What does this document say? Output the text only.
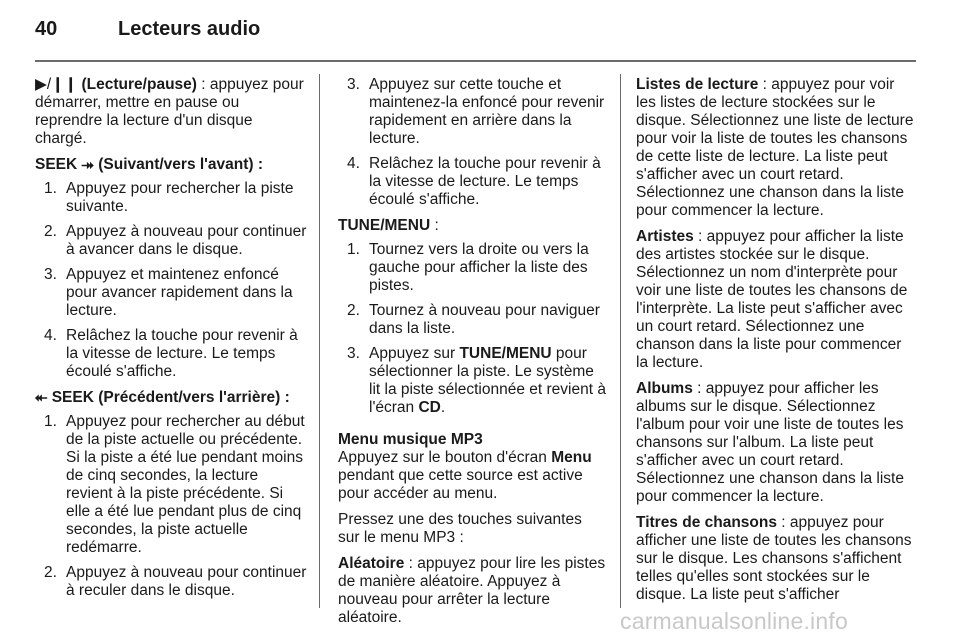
40	Lecteurs audio

▶/❙❙ (Lecture/pause) : appuyez pour démarrer, mettre en pause ou reprendre la lecture d'un disque chargé.

SEEK ⯮ (Suivant/vers l'avant) :

1. Appuyez pour rechercher la piste suivante.
2. Appuyez à nouveau pour continuer à avancer dans le disque.
3. Appuyez et maintenez enfoncé pour avancer rapidement dans la lecture.
4. Relâchez la touche pour revenir à la vitesse de lecture. Le temps écoulé s'affiche.

⯬ SEEK (Précédent/vers l'arrière) :

1. Appuyez pour rechercher au début de la piste actuelle ou précédente. Si la piste a été lue pendant moins de cinq secondes, la lecture revient à la piste précédente. Si elle a été lue pendant plus de cinq secondes, la piste actuelle redémarre.
2. Appuyez à nouveau pour continuer à reculer dans le disque.
3. Appuyez sur cette touche et maintenez-la enfoncé pour revenir rapidement en arrière dans la lecture.
4. Relâchez la touche pour revenir à la vitesse de lecture. Le temps écoulé s'affiche.

TUNE/MENU :

1. Tournez vers la droite ou vers la gauche pour afficher la liste des pistes.
2. Tournez à nouveau pour naviguer dans la liste.
3. Appuyez sur TUNE/MENU pour sélectionner la piste. Le système lit la piste sélectionnée et revient à l'écran CD.

Menu musique MP3

Appuyez sur le bouton d'écran Menu pendant que cette source est active pour accéder au menu.

Pressez une des touches suivantes sur le menu MP3 :

Aléatoire : appuyez pour lire les pistes de manière aléatoire. Appuyez à nouveau pour arrêter la lecture aléatoire.

Listes de lecture : appuyez pour voir les listes de lecture stockées sur le disque. Sélectionnez une liste de lecture pour voir la liste de toutes les chansons de cette liste de lecture. La liste peut s'afficher avec un court retard. Sélectionnez une chanson dans la liste pour commencer la lecture.

Artistes : appuyez pour afficher la liste des artistes stockée sur le disque. Sélectionnez un nom d'interprète pour voir une liste de toutes les chansons de l'interprète. La liste peut s'afficher avec un court retard. Sélectionnez une chanson dans la liste pour commencer la lecture.

Albums : appuyez pour afficher les albums sur le disque. Sélectionnez l'album pour voir une liste de toutes les chansons sur l'album. La liste peut s'afficher avec un court retard. Sélectionnez une chanson dans la liste pour commencer la lecture.

Titres de chansons : appuyez pour afficher une liste de toutes les chansons sur le disque. Les chansons s'affichent telles qu'elles sont stockées sur le disque. La liste peut s'afficher

carmanualsonline.info
